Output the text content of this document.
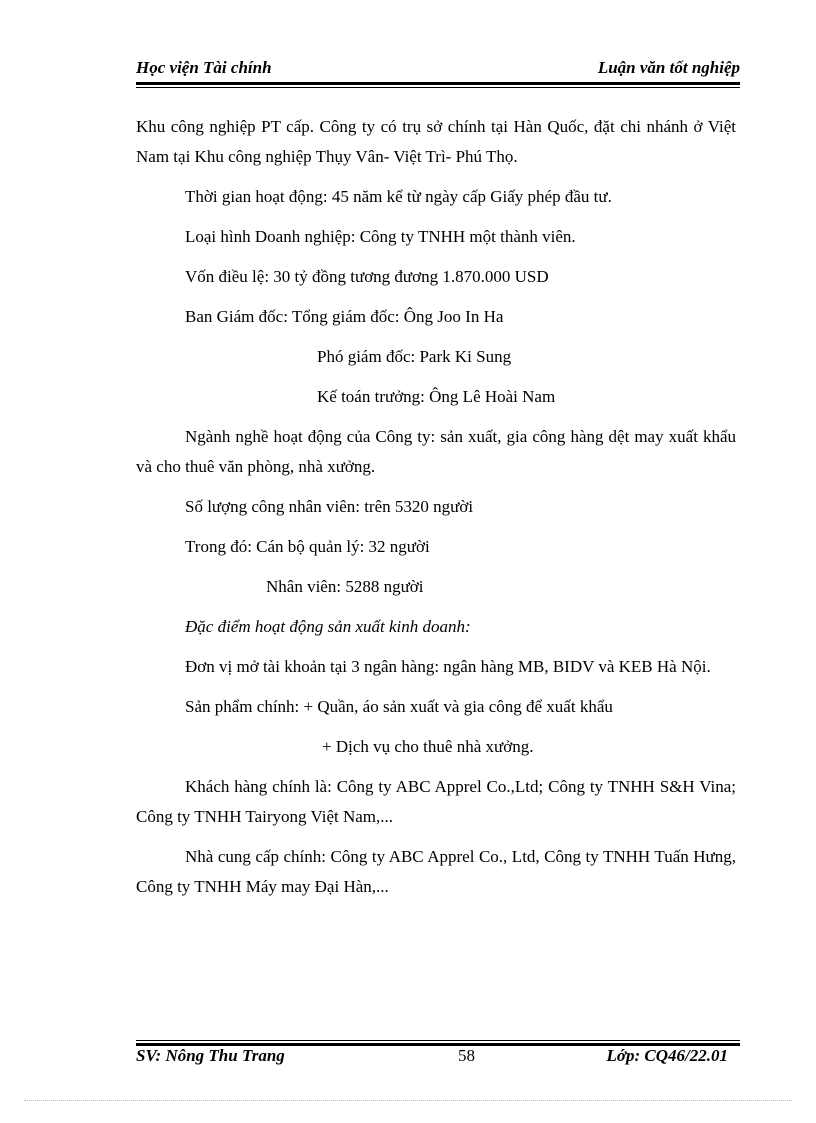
Học viện Tài chính	Luận văn tốt nghiệp

Khu công nghiệp PT cấp. Công ty có trụ sở chính tại Hàn Quốc, đặt chi nhánh ở Việt Nam tại Khu công nghiệp Thụy Vân- Việt Trì- Phú Thọ.

Thời gian hoạt động: 45 năm kể từ ngày cấp Giấy phép đầu tư.

Loại hình Doanh nghiệp: Công ty TNHH một thành viên.

Vốn điều lệ: 30 tỷ đồng tương đương 1.870.000 USD

Ban Giám đốc: Tổng giám đốc: Ông Joo In Ha

Phó giám đốc: Park Ki Sung

Kế toán trưởng: Ông Lê Hoài Nam

Ngành nghề hoạt động của Công ty: sản xuất, gia công hàng dệt may xuất khẩu và cho thuê văn phòng, nhà xưởng.

Số lượng công nhân viên: trên 5320 người

Trong đó: Cán bộ quản lý: 32 người

Nhân viên: 5288 người

Đặc điểm hoạt động sản xuất kinh doanh:

Đơn vị mở tài khoản tại 3 ngân hàng: ngân hàng MB, BIDV và KEB Hà Nội.

Sản phẩm chính: + Quần, áo sản xuất và gia công để xuất khẩu

+ Dịch vụ cho thuê nhà xưởng.

Khách hàng chính là: Công ty ABC Apprel Co.,Ltd; Công ty TNHH S&H Vina; Công ty TNHH Tairyong Việt Nam,...

Nhà cung cấp chính: Công ty ABC Apprel Co., Ltd, Công ty TNHH Tuấn Hưng, Công ty TNHH Máy may Đại Hàn,...

SV: Nông Thu Trang	58	Lớp: CQ46/22.01
